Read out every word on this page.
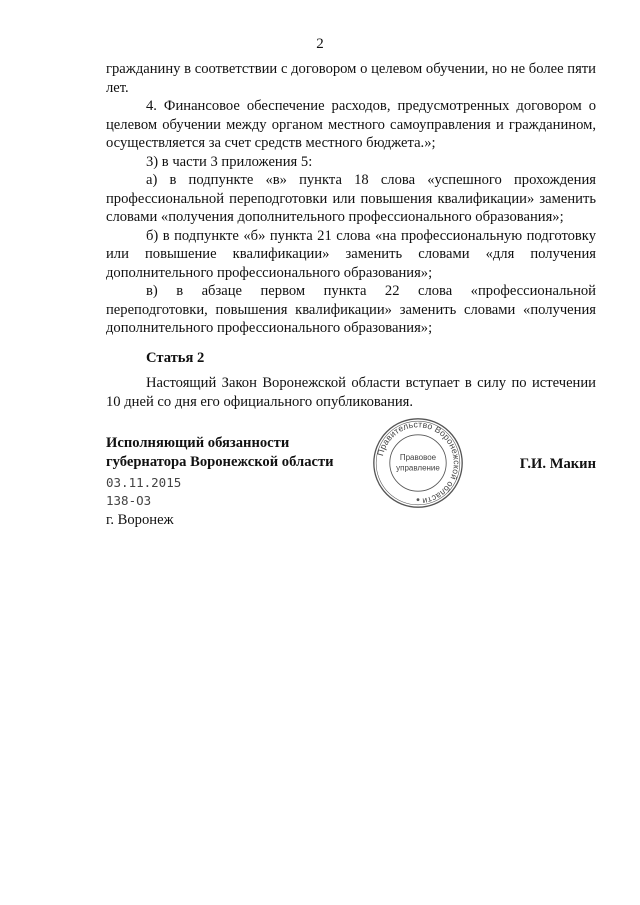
2

гражданину в соответствии с договором о целевом обучении, но не более пяти лет.

4. Финансовое обеспечение расходов, предусмотренных договором о целевом обучении между органом местного самоуправления и гражданином, осуществляется за счет средств местного бюджета.»;

3) в части 3 приложения 5:

а) в подпункте «в» пункта 18 слова «успешного прохождения профессиональной переподготовки или повышения квалификации» заменить словами «получения дополнительного профессионального образования»;

б) в подпункте «б» пункта 21 слова «на профессиональную подготовку или повышение квалификации» заменить словами «для получения дополнительного профессионального образования»;

в) в абзаце первом пункта 22 слова «профессиональной переподготовки, повышения квалификации» заменить словами «получения дополнительного профессионального образования»;

Статья 2

Настоящий Закон Воронежской области вступает в силу по истечении 10 дней со дня его официального опубликования.

Исполняющий обязанности
губернатора Воронежской области
Правительство Воронежской области
Правовое
управление	Г.И. Макин
03.11.2015
138-ОЗ
г. Воронеж
